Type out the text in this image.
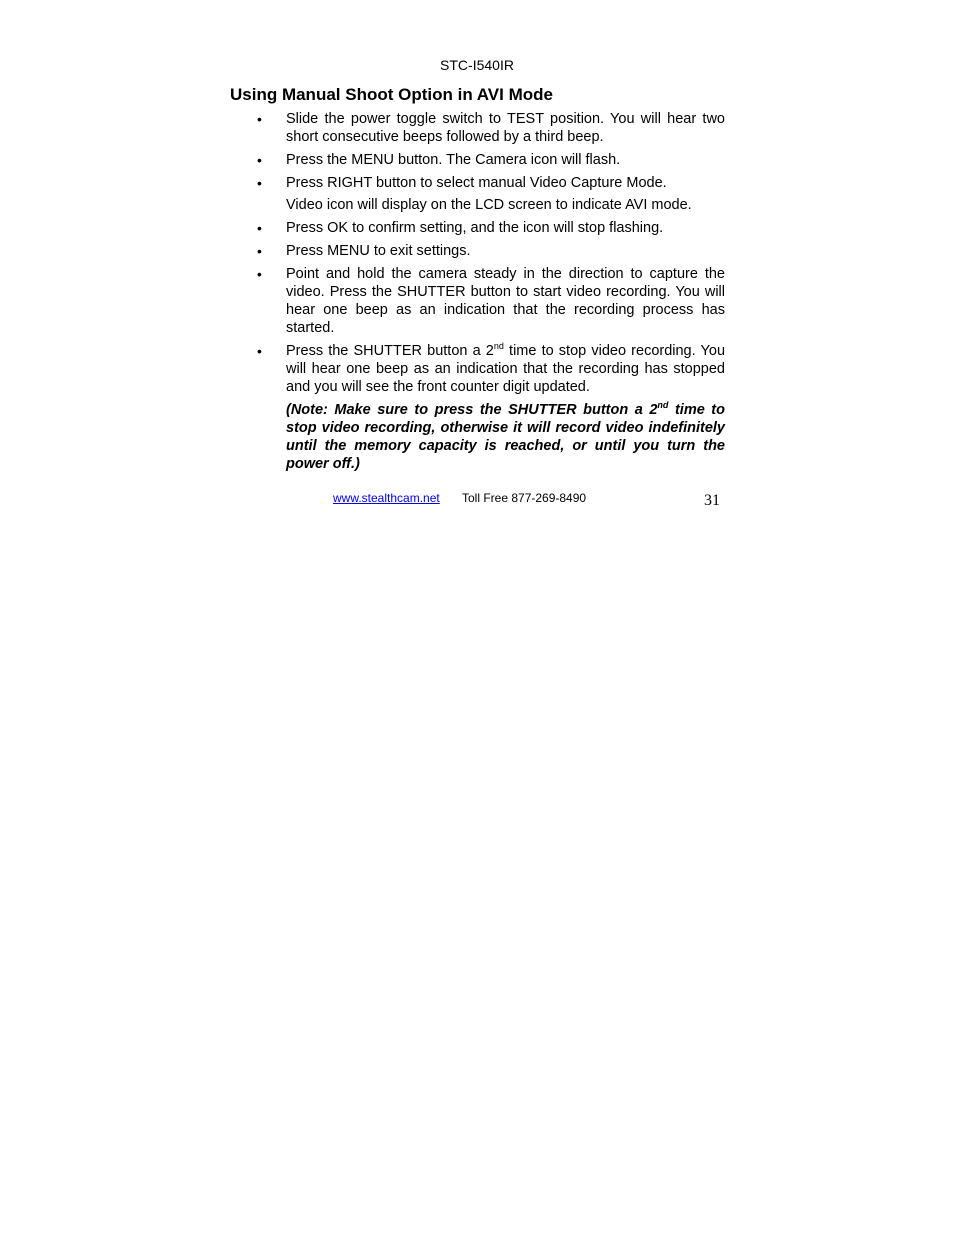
STC-I540IR
Using Manual Shoot Option in AVI Mode
• Slide the power toggle switch to TEST position. You will hear two short consecutive beeps followed by a third beep.
• Press the MENU button. The Camera icon will flash.
• Press RIGHT button to select manual Video Capture Mode.
Video icon will display on the LCD screen to indicate AVI mode.
• Press OK to confirm setting, and the icon will stop flashing.
• Press MENU to exit settings.
• Point and hold the camera steady in the direction to capture the video. Press the SHUTTER button to start video recording. You will hear one beep as an indication that the recording process has started.
• Press the SHUTTER button a 2nd time to stop video recording. You will hear one beep as an indication that the recording has stopped and you will see the front counter digit updated.
(Note: Make sure to press the SHUTTER button a 2nd time to stop video recording, otherwise it will record video indefinitely until the memory capacity is reached, or until you turn the power off.)
www.stealthcam.net Toll Free 877-269-8490	31
